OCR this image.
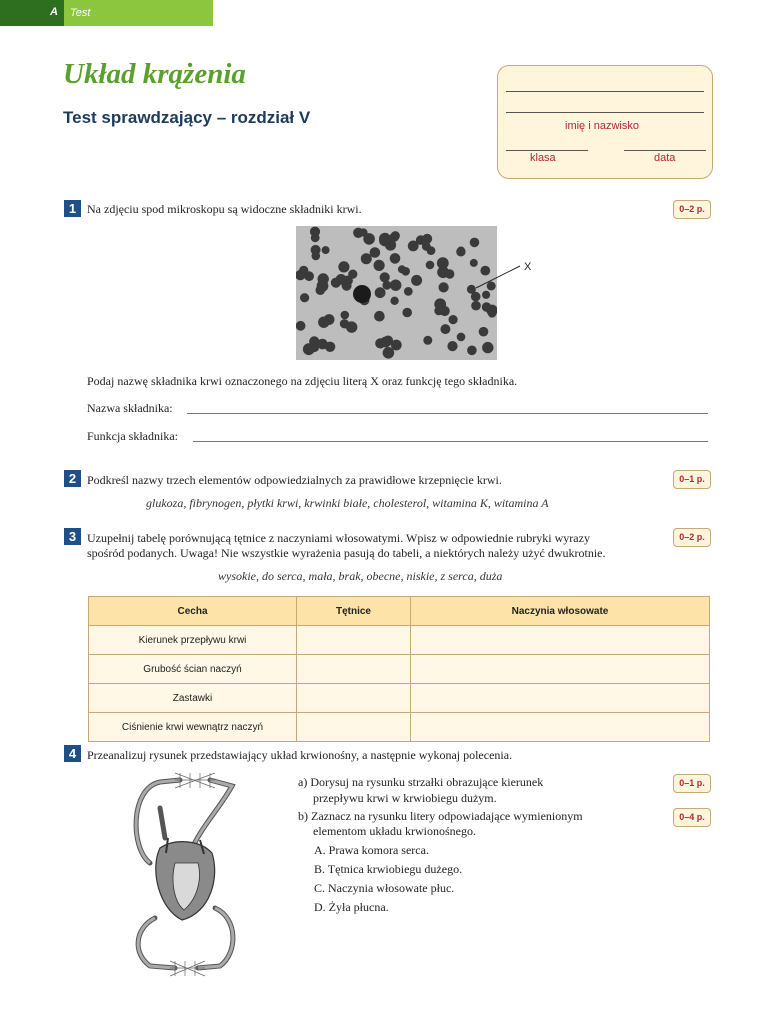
A Test
Układ krążenia
Test sprawdzający – rozdział V	imię i nazwisko
klasa	data
1 Na zdjęciu spod mikroskopu są widoczne składniki krwi.	0–2 p.
X
Podaj nazwę składnika krwi oznaczonego na zdjęciu literą X oraz funkcję tego składnika.
Nazwa składnika:
Funkcja składnika:
2 Podkreśl nazwy trzech elementów odpowiedzialnych za prawidłowe krzepnięcie krwi.	0–1 p.
glukoza, fibrynogen, płytki krwi, krwinki białe, cholesterol, witamina K, witamina A
3 Uzupełnij tabelę porównującą tętnice z naczyniami włosowatymi. Wpisz w odpowiednie rubryki wyrazy
spośród podanych. Uwaga! Nie wszystkie wyrażenia pasują do tabeli, a niektórych należy użyć dwukrotnie.
0–2 p.
wysokie, do serca, mała, brak, obecne, niskie, z serca, duża
Cecha	Tętnice	Naczynia włosowate
Kierunek przepływu krwi		
Grubość ścian naczyń		
Zastawki		
Ciśnienie krwi wewnątrz naczyń		
4 Przeanalizuj rysunek przedstawiający układ krwionośny, a następnie wykonaj polecenia.
a) Dorysuj na rysunku strzałki obrazujące kierunek
przepływu krwi w krwiobiegu dużym.
0–1 p.
b) Zaznacz na rysunku litery odpowiadające wymienionym
elementom układu krwionośnego.
0–4 p.
A. Prawa komora serca.
B. Tętnica krwiobiegu dużego.
C. Naczynia włosowate płuc.
D. Żyła płucna.
